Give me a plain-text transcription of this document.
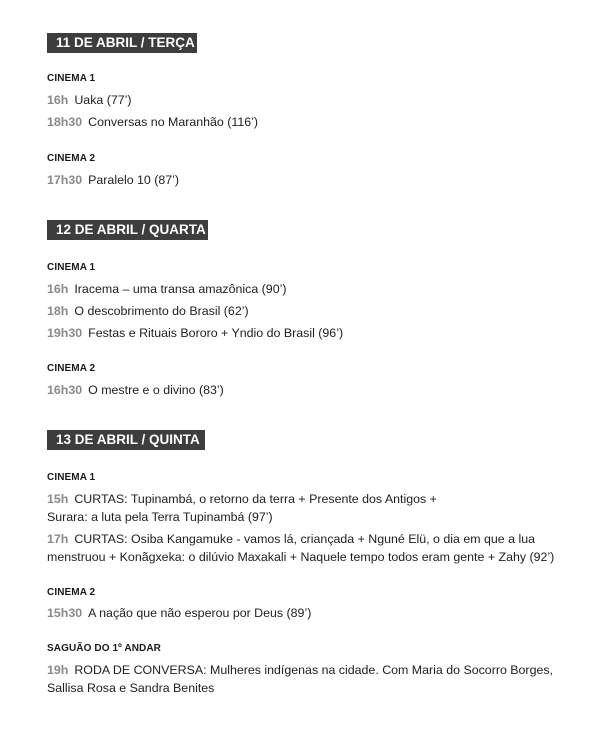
11 DE ABRIL / TERÇA
CINEMA 1
16h Uaka (77’)
18h30 Conversas no Maranhão (116’)
CINEMA 2
17h30 Paralelo 10 (87’)
12 DE ABRIL / QUARTA
CINEMA 1
16h Iracema – uma transa amazônica (90’)
18h O descobrimento do Brasil (62’)
19h30 Festas e Rituais Bororo + Yndio do Brasil (96’)
CINEMA 2
16h30 O mestre e o divino (83’)
13 DE ABRIL / QUINTA
CINEMA 1
15h CURTAS: Tupinambá, o retorno da terra + Presente dos Antigos +
Surara: a luta pela Terra Tupinambá (97’)
17h CURTAS: Osiba Kangamuke - vamos lá, criançada + Nguné Elü, o dia em que a lua
menstruou + Konãgxeka: o dilúvio Maxakali + Naquele tempo todos eram gente + Zahy (92’)
CINEMA 2
15h30 A nação que não esperou por Deus (89’)
SAGUÃO DO 1º ANDAR
19h RODA DE CONVERSA: Mulheres indígenas na cidade. Com Maria do Socorro Borges,
Sallisa Rosa e Sandra Benites
